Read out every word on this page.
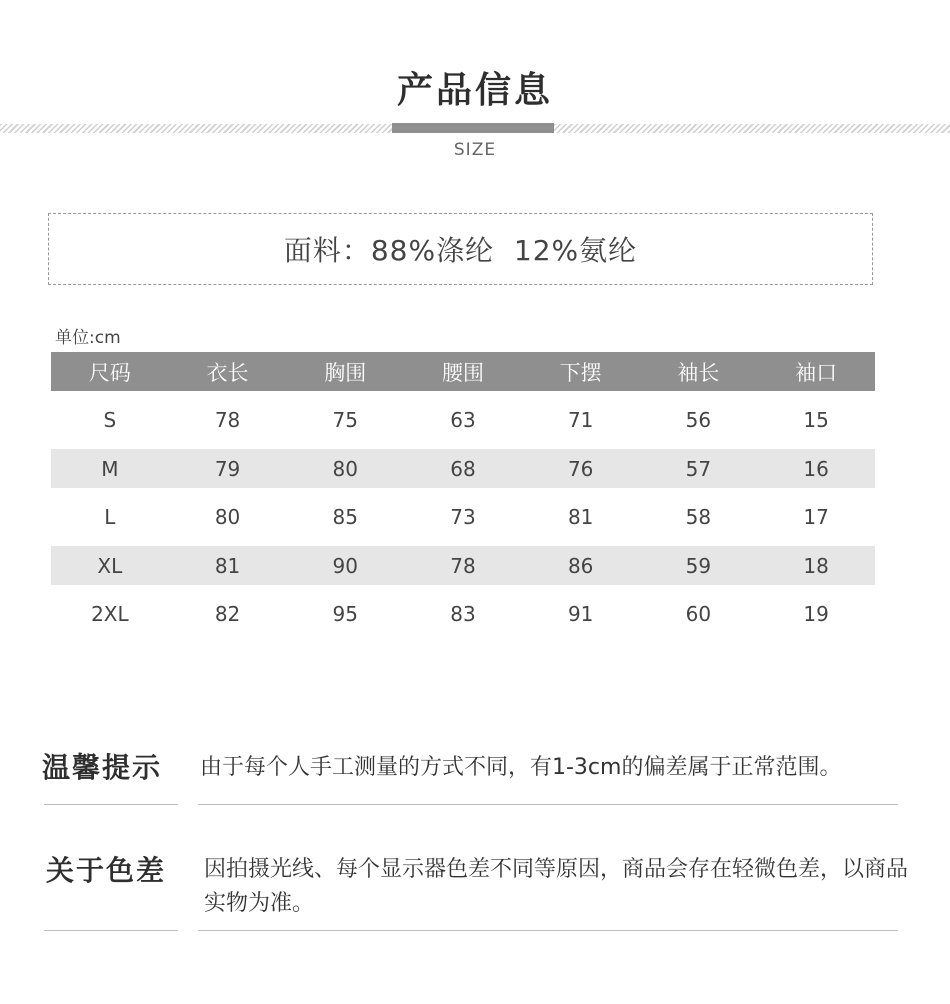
产品信息
SIZE
面料：88%涤纶  12%氨纶
单位:cm
尺码	衣长	胸围	腰围	下摆	袖长	袖口
S	78	75	63	71	56	15
M	79	80	68	76	57	16
L	80	85	73	81	58	17
XL	81	90	78	86	59	18
2XL	82	95	83	91	60	19
温馨提示 由于每个人手工测量的方式不同，有1-3cm的偏差属于正常范围。
关于色差 因拍摄光线、每个显示器色差不同等原因，商品会存在轻微色差，以商品实物为准。
